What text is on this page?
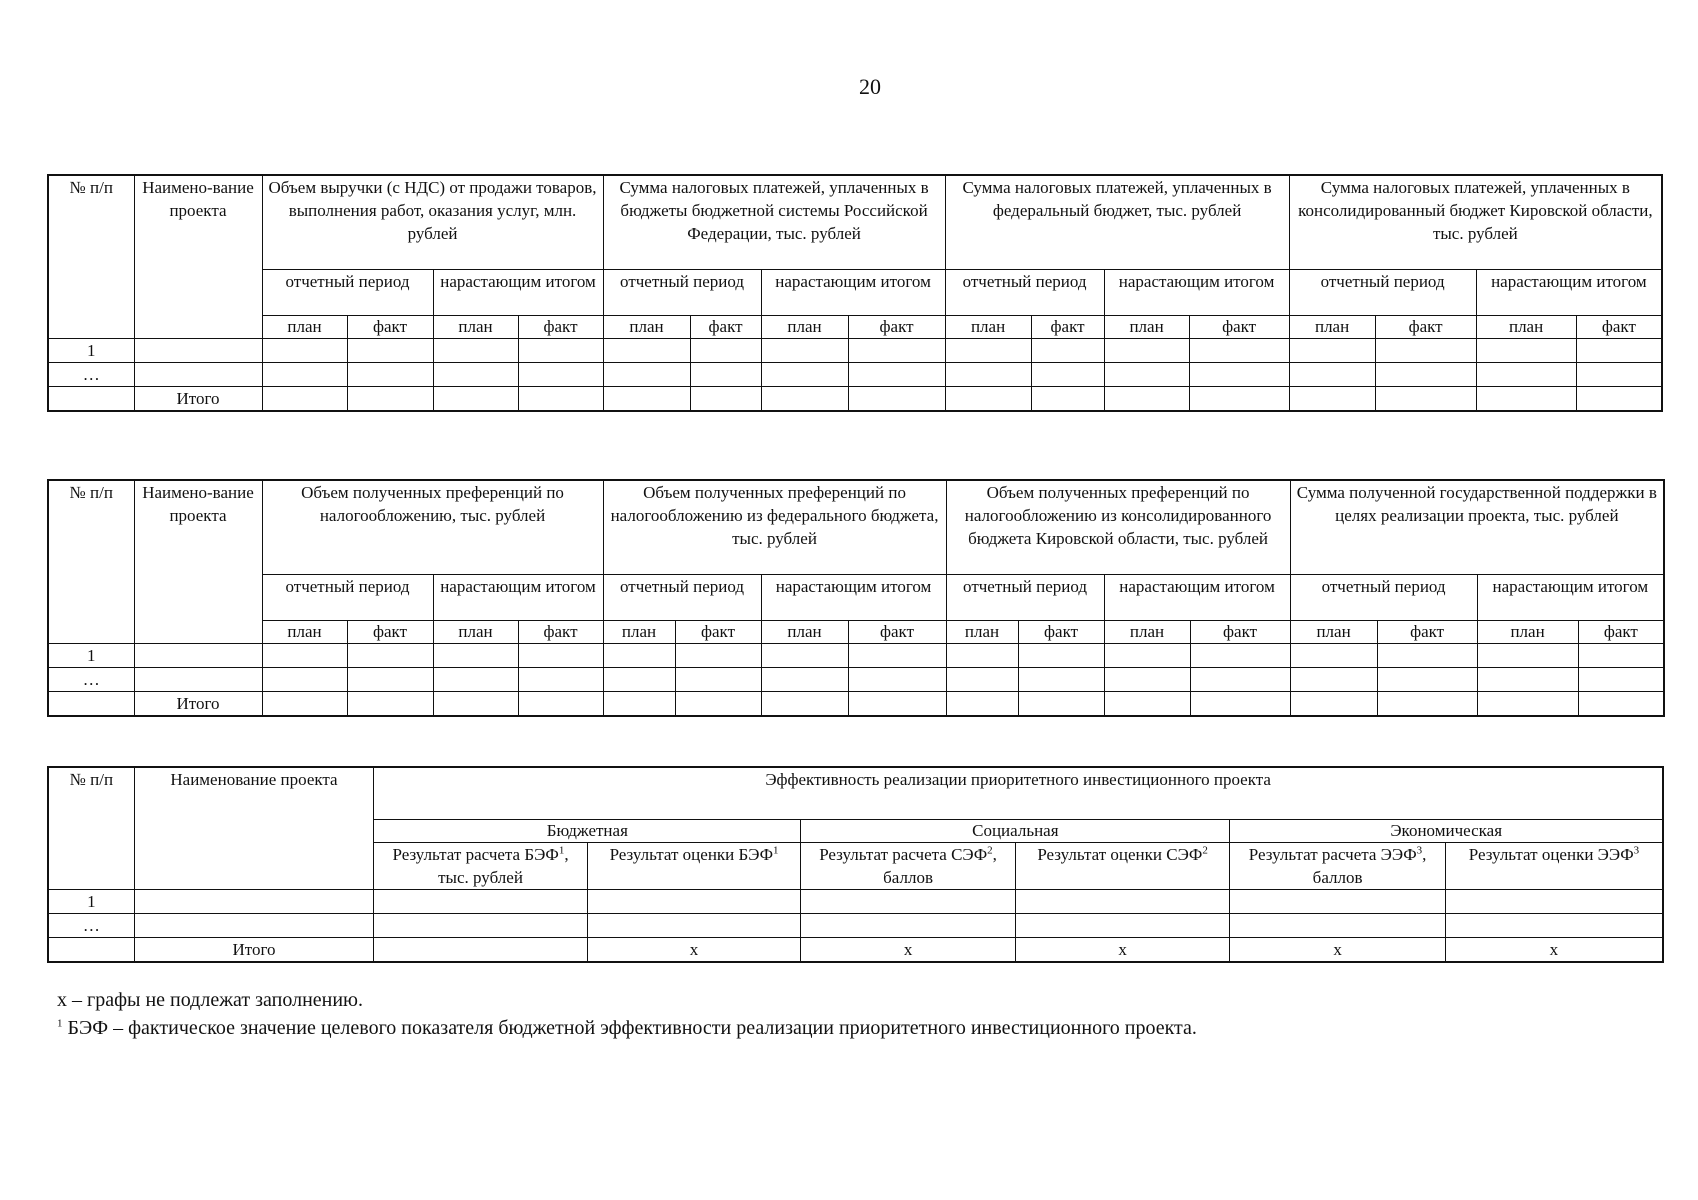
20
№ п/п	Наимено-вание проекта	Объем выручки (с НДС) от продажи товаров, выполнения работ, оказания услуг, млн. рублей				Сумма налоговых платежей, уплаченных в бюджеты бюджетной системы Российской Федерации, тыс. рублей				Сумма налоговых платежей, уплаченных в федеральный бюджет, тыс. рублей				Сумма налоговых платежей, уплаченных в консолидированный бюджет Кировской области, тыс. рублей			
		отчетный период		нарастающим итогом		отчетный период		нарастающим итогом		отчетный период		нарастающим итогом		отчетный период		нарастающим итогом	
		план	факт	план	факт	план	факт	план	факт	план	факт	план	факт	план	факт	план	факт
1																	
…																	
	Итого																
№ п/п	Наимено-вание проекта	Объем полученных преференций по налогообложению, тыс. рублей				Объем полученных преференций по налогообложению из федерального бюджета, тыс. рублей				Объем полученных преференций по налогообложению из консолидированного бюджета Кировской области, тыс. рублей				Сумма полученной государственной поддержки в целях реализации проекта, тыс. рублей			
		отчетный период		нарастающим итогом		отчетный период		нарастающим итогом		отчетный период		нарастающим итогом		отчетный период		нарастающим итогом	
		план	факт	план	факт	план	факт	план	факт	план	факт	план	факт	план	факт	план	факт
1																	
…																	
	Итого																
№ п/п	Наименование проекта	Эффективность реализации приоритетного инвестиционного проекта					
		Бюджетная		Социальная		Экономическая	
		Результат расчета БЭФ$^1$, тыс. рублей	Результат оценки БЭФ$^1$	Результат расчета СЭФ$^2$, баллов	Результат оценки СЭФ$^2$	Результат расчета ЭЭФ$^3$, баллов	Результат оценки ЭЭФ$^3$
1							
…							
	Итого		x	x	x	x	x
x – графы не подлежат заполнению.
$^1$ БЭФ – фактическое значение целевого показателя бюджетной эффективности реализации приоритетного инвестиционного проекта.
